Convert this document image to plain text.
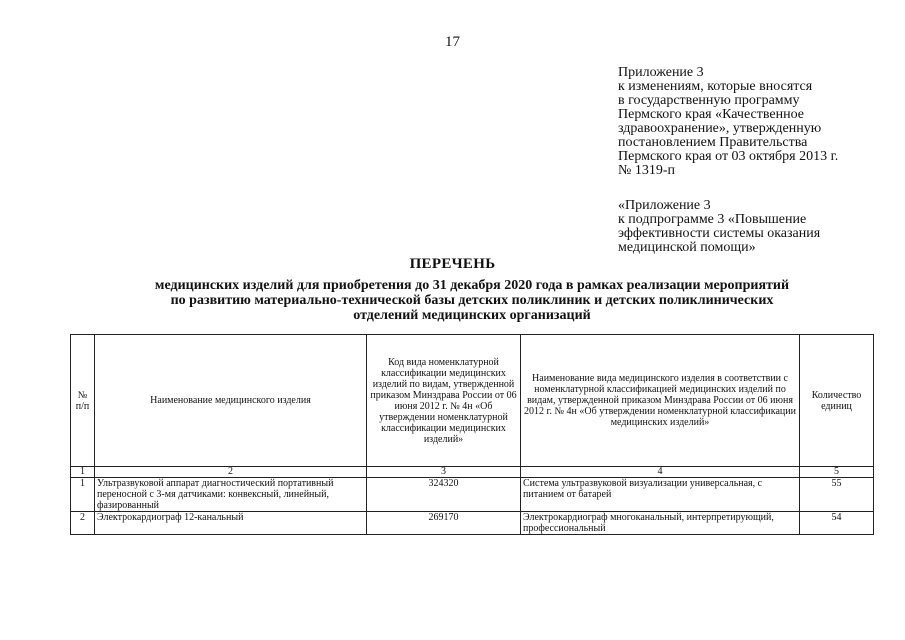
17
Приложение 3
к изменениям, которые вносятся
в государственную программу
Пермского края «Качественное
здравоохранение», утвержденную
постановлением Правительства
Пермского края от 03 октября 2013 г.
№ 1319-п
«Приложение 3
к подпрограмме 3 «Повышение
эффективности системы оказания
медицинской помощи»
ПЕРЕЧЕНЬ
медицинских изделий для приобретения до 31 декабря 2020 года в рамках реализации мероприятий
по развитию материально-технической базы детских поликлиник и детских поликлинических
отделений медицинских организаций
№ п/п	Наименование медицинского изделия	Код вида номенклатурной классификации медицинских изделий по видам, утвержденной приказом Минздрава России от 06 июня 2012 г. № 4н «Об утверждении номенклатурной классификации медицинских изделий»	Наименование вида медицинского изделия в соответствии с номенклатурной классификацией медицинских изделий по видам, утвержденной приказом Минздрава России от 06 июня 2012 г. № 4н «Об утверждении номенклатурной классификации медицинских изделий»	Количество единиц
1	2	3	4	5
1	Ультразвуковой аппарат диагностический портативный переносной с 3-мя датчиками: конвексный, линейный, фазированный	324320	Система ультразвуковой визуализации универсальная, с питанием от батарей	55
2	Электрокардиограф 12-канальный	269170	Электрокардиограф многоканальный, интерпретирующий, профессиональный	54
